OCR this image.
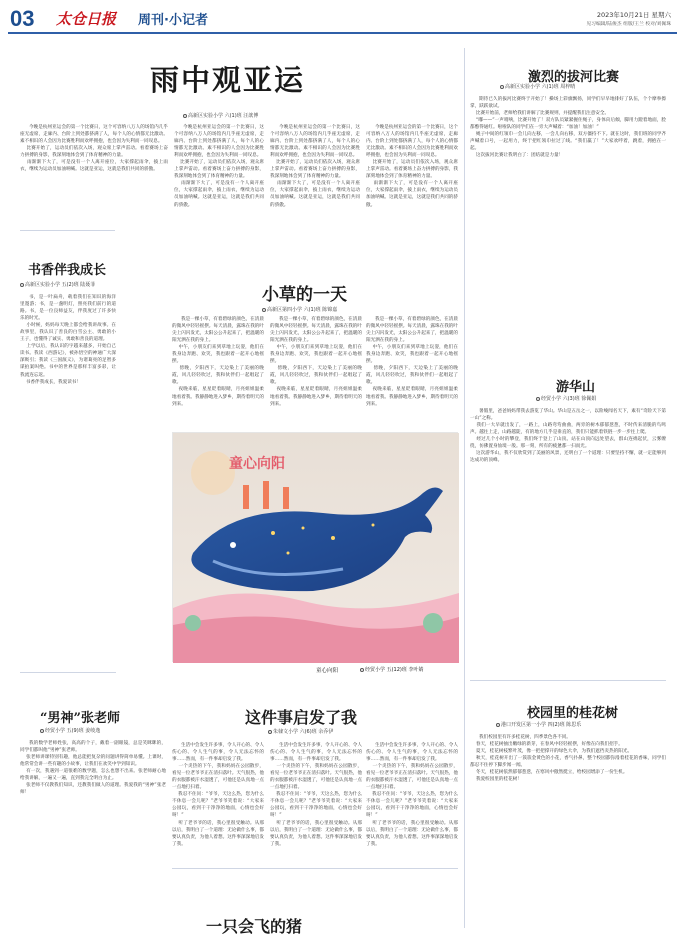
03 太仓日报 周刊·小记者	2023年10月21日 星期六
见习编辑/陆俊杰 组版/王兰 校对/刘佩珠
雨中观亚运
高新区实验小学 六(1)班 汪歆博
今晚是杭州亚运会的第一个比赛日，这个可容纳八万人的场馆内几乎座无虚席，走廊内、台阶上到处都挤满了人，每个人的心情都无比激动。素不相识的人会因为比赛胜利而欢呼拥抱，也会因为失利而一同叹息。
比赛开始了，运动员们依次入场，观众席上掌声雷动。看着赛场上奋力拼搏的身影，我深刻地体会到了体育精神的力量。
雨渐渐下大了，可是没有一个人离开座位，大家撑起雨伞，披上雨衣，继续为运动员加油呐喊。这就是亚运，这就是我们共同的骄傲。
今晚是杭州亚运会的第一个比赛日，这个可容纳八万人的场馆内几乎座无虚席，走廊内、台阶上到处都挤满了人，每个人的心情都无比激动。素不相识的人会因为比赛胜利而欢呼拥抱，也会因为失利而一同叹息。
比赛开始了，运动员们依次入场，观众席上掌声雷动。看着赛场上奋力拼搏的身影，我深刻地体会到了体育精神的力量。
雨渐渐下大了，可是没有一个人离开座位，大家撑起雨伞，披上雨衣，继续为运动员加油呐喊。这就是亚运，这就是我们共同的骄傲。
今晚是杭州亚运会的第一个比赛日，这个可容纳八万人的场馆内几乎座无虚席，走廊内、台阶上到处都挤满了人，每个人的心情都无比激动。素不相识的人会因为比赛胜利而欢呼拥抱，也会因为失利而一同叹息。
比赛开始了，运动员们依次入场，观众席上掌声雷动。看着赛场上奋力拼搏的身影，我深刻地体会到了体育精神的力量。
雨渐渐下大了，可是没有一个人离开座位，大家撑起雨伞，披上雨衣，继续为运动员加油呐喊。这就是亚运，这就是我们共同的骄傲。
今晚是杭州亚运会的第一个比赛日，这个可容纳八万人的场馆内几乎座无虚席，走廊内、台阶上到处都挤满了人，每个人的心情都无比激动。素不相识的人会因为比赛胜利而欢呼拥抱，也会因为失利而一同叹息。
比赛开始了，运动员们依次入场，观众席上掌声雷动。看着赛场上奋力拼搏的身影，我深刻地体会到了体育精神的力量。
雨渐渐下大了，可是没有一个人离开座位，大家撑起雨伞，披上雨衣，继续为运动员加油呐喊。这就是亚运，这就是我们共同的骄傲。
书香伴我成长
高新区实验小学 五(2)班 陆聂菲
书，是一叶扁舟，载着我们在知识的海洋里遨游；书，是一盏明灯，照亮我们前行的道路。书，是一位良师益友，伴我度过了许多快乐的时光。
小时候，妈妈每天晚上都会给我讲故事。在故事里，我认识了善良的白雪公主、勇敢的小王子，也懂得了诚实、勇敢和善良的道理。
上学以后，我认识的字越来越多，开始自己读书。我读《西游记》，被孙悟空的神通广大深深吸引；我读《三国演义》，为诸葛亮的足智多谋拍案叫绝。书中的世界是那样丰富多彩，让我流连忘返。
书香伴我成长，我爱读书！
小草的一天
高新区第四小学 六(1)班 陈锦嘉
我是一棵小草，有着碧绿的颜色，在清晨的微风中轻轻摇摆。每天清晨，露珠在我的叶尖上闪闪发光，太阳公公升起来了，把温暖的阳光洒在我的身上。
中午，小朋友们来到草地上玩耍，他们在我身边奔跑、欢笑，我也跟着一起开心地摇摆。
傍晚，夕阳西下，天边染上了美丽的晚霞，风儿轻轻吹过，我和伙伴们一起唱起了歌。
夜晚来临，星星眨着眼睛，月亮姐姐温柔地看着我。我静静地进入梦乡，期待着明天的到来。
我是一棵小草，有着碧绿的颜色，在清晨的微风中轻轻摇摆。每天清晨，露珠在我的叶尖上闪闪发光，太阳公公升起来了，把温暖的阳光洒在我的身上。
中午，小朋友们来到草地上玩耍，他们在我身边奔跑、欢笑，我也跟着一起开心地摇摆。
傍晚，夕阳西下，天边染上了美丽的晚霞，风儿轻轻吹过，我和伙伴们一起唱起了歌。
夜晚来临，星星眨着眼睛，月亮姐姐温柔地看着我。我静静地进入梦乡，期待着明天的到来。
我是一棵小草，有着碧绿的颜色，在清晨的微风中轻轻摇摆。每天清晨，露珠在我的叶尖上闪闪发光，太阳公公升起来了，把温暖的阳光洒在我的身上。
中午，小朋友们来到草地上玩耍，他们在我身边奔跑、欢笑，我也跟着一起开心地摇摆。
傍晚，夕阳西下，天边染上了美丽的晚霞，风儿轻轻吹过，我和伙伴们一起唱起了歌。
夜晚来临，星星眨着眼睛，月亮姐姐温柔地看着我。我静静地进入梦乡，期待着明天的到来。
童心向阳
童心向阳	经贸小学 五(12)班 李叶婧
“男神”张老师
经贸小学 五(9)班 姜岐逸
我的数学老师姓张，高高的个子，戴着一副眼镜，总是笑眯眯的，同学们都叫他“男神”张老师。
张老师讲课特别有趣，他总能把复杂的问题讲得简单易懂。上课时，他常常会讲一些有趣的小故事，让我们在欢笑中学到知识。
有一次，我遇到一道很难的数学题，怎么也想不出来。张老师耐心地给我讲解，一遍又一遍，直到我完全明白为止。
张老师不仅教我们知识，还教我们做人的道理。我爱我的“男神”张老师！
这件事启发了我
朱棣文小学 六(6)班 余乔伊
生活中会发生许多事，令人开心的、令人伤心的、令人生气的事，令人无法忘怀的事……然而，有一件事却启发了我。
一个炎热的下午，我和妈妈在公园散步，看见一位老爷爷正在清扫落叶。天气很热，他的衣服都被汗水湿透了，可他还是认真地一点一点地打扫着。
我忍不住问：“爷爷，天这么热，您为什么不休息一会儿呢？”老爷爷笑着说：“大家来公园玩，看到干干净净的地面，心情也会好呀！”
听了老爷爷的话，我心里很受触动。从那以后，我明白了一个道理：无论做什么事，都要认真负责，为他人着想。这件事深深地启发了我。
生活中会发生许多事，令人开心的、令人伤心的、令人生气的事，令人无法忘怀的事……然而，有一件事却启发了我。
一个炎热的下午，我和妈妈在公园散步，看见一位老爷爷正在清扫落叶。天气很热，他的衣服都被汗水湿透了，可他还是认真地一点一点地打扫着。
我忍不住问：“爷爷，天这么热，您为什么不休息一会儿呢？”老爷爷笑着说：“大家来公园玩，看到干干净净的地面，心情也会好呀！”
听了老爷爷的话，我心里很受触动。从那以后，我明白了一个道理：无论做什么事，都要认真负责，为他人着想。这件事深深地启发了我。
生活中会发生许多事，令人开心的、令人伤心的、令人生气的事，令人无法忘怀的事……然而，有一件事却启发了我。
一个炎热的下午，我和妈妈在公园散步，看见一位老爷爷正在清扫落叶。天气很热，他的衣服都被汗水湿透了，可他还是认真地一点一点地打扫着。
我忍不住问：“爷爷，天这么热，您为什么不休息一会儿呢？”老爷爷笑着说：“大家来公园玩，看到干干净净的地面，心情也会好呀！”
听了老爷爷的话，我心里很受触动。从那以后，我明白了一个道理：无论做什么事，都要认真负责，为他人着想。这件事深深地启发了我。
一只会飞的猪
激烈的拔河比赛
高新区实验小学 六(1)班 周梓晴
期待已久的拔河比赛终于开始了！操场上彩旗飘扬，同学们早早地排好了队伍，个个摩拳擦掌，跃跃欲试。
比赛开始前，老师给我们讲解了比赛规则，并提醒我们注意安全。
“嘟——”一声哨响，比赛开始了！双方队员紧紧握住绳子，身体向后倾，脚用力蹬着地面，脸都憋得通红。啦啦队的同学们在一旁大声喊着：“加油！加油！”
绳子中间的红领巾一会儿向左移，一会儿向右移，双方僵持不下。就在这时，我们班的同学齐声喊着口号，一起用力，终于把红领巾拉过了线。“我们赢了！”大家欢呼着，跳着，拥抱在一起。
这次拔河比赛让我明白了：团结就是力量！
游华山
经贸小学 六(3)班 徐佩娟
暑假里，爸爸妈妈带我去游览了华山。华山是五岳之一，以险峻闻名天下，素有“奇险天下第一山”之称。
我们一大早就出发了，一路上，山路弯弯曲曲，两旁的树木郁郁葱葱，不时传来清脆的鸟鸣声。越往上走，山路越陡，有的地方几乎是垂直的，我们只能抓着铁链一步一步往上爬。
经过几个小时的攀登，我们终于登上了山顶。站在山顶向远处望去，群山连绵起伏，云雾缭绕，仿佛置身仙境一般。那一刻，所有的疲惫都一扫而光。
这次游华山，我不仅欣赏到了美丽的风景，还明白了一个道理：只要坚持不懈，就一定能够到达成功的顶峰。
校园里的桂花树
港口开发区第一小学 四(2)班 陈思乐
我们校园里有许多桂花树，四季景色各不同。
春天，桂花树抽出嫩绿的新芽，在春风中轻轻摇摆，好像在向我们招手。
夏天，桂花树枝繁叶茂，像一把把撑开的绿色大伞，为我们遮挡炎热的阳光。
秋天，桂花树开出了一簇簇金黄色的小花，香气扑鼻，整个校园都弥漫着桂花的香味，同学们都忍不住停下脚步闻一闻。
冬天，桂花树依然郁郁葱葱，在寒风中傲然挺立，给校园增添了一份生机。
我爱校园里的桂花树！
